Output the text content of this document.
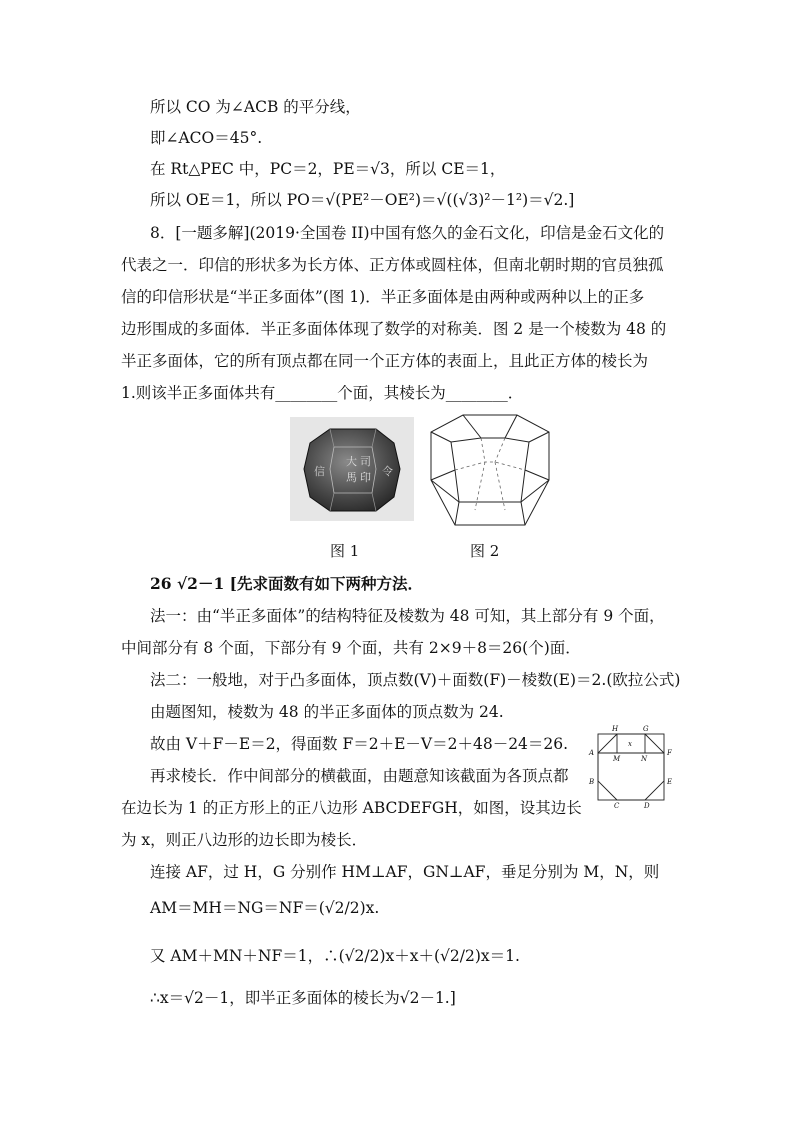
所以 CO 为∠ACB 的平分线，
即∠ACO＝45°.
在 Rt△PEC 中，PC＝2，PE＝√3，所以 CE＝1，
所以 OE＝1，所以 PO＝√(PE²－OE²)＝√((√3)²－1²)＝√2.]
8．[一题多解](2019·全国卷 II)中国有悠久的金石文化，印信是金石文化的
代表之一．印信的形状多为长方体、正方体或圆柱体，但南北朝时期的官员独孤
信的印信形状是“半正多面体”(图 1)．半正多面体是由两种或两种以上的正多
边形围成的多面体．半正多面体体现了数学的对称美．图 2 是一个棱数为 48 的
半正多面体，它的所有顶点都在同一个正方体的表面上，且此正方体的棱长为
1.则该半正多面体共有________个面，其棱长为________．
大 司
馬 印
信	令
图 1	图 2
26 √2－1 [先求面数有如下两种方法．
法一：由“半正多面体”的结构特征及棱数为 48 可知，其上部分有 9 个面，
中间部分有 8 个面，下部分有 9 个面，共有 2×9＋8＝26(个)面．
法二：一般地，对于凸多面体，顶点数(V)＋面数(F)－棱数(E)＝2.(欧拉公式)
由题图知，棱数为 48 的半正多面体的顶点数为 24.
故由 V＋F－E＝2，得面数 F＝2＋E－V＝2＋48－24＝26.
再求棱长．作中间部分的横截面，由题意知该截面为各顶点都
在边长为 1 的正方形上的正八边形 ABCDEFGH，如图，设其边长
为 x，则正八边形的边长即为棱长．
H	G
A
B
C	D
E
F
M	N
x
连接 AF，过 H，G 分别作 HM⊥AF，GN⊥AF，垂足分别为 M，N，则
AM＝MH＝NG＝NF＝(√2/2)x.
又 AM＋MN＋NF＝1，∴(√2/2)x＋x＋(√2/2)x＝1.
∴x＝√2－1，即半正多面体的棱长为√2－1.]
